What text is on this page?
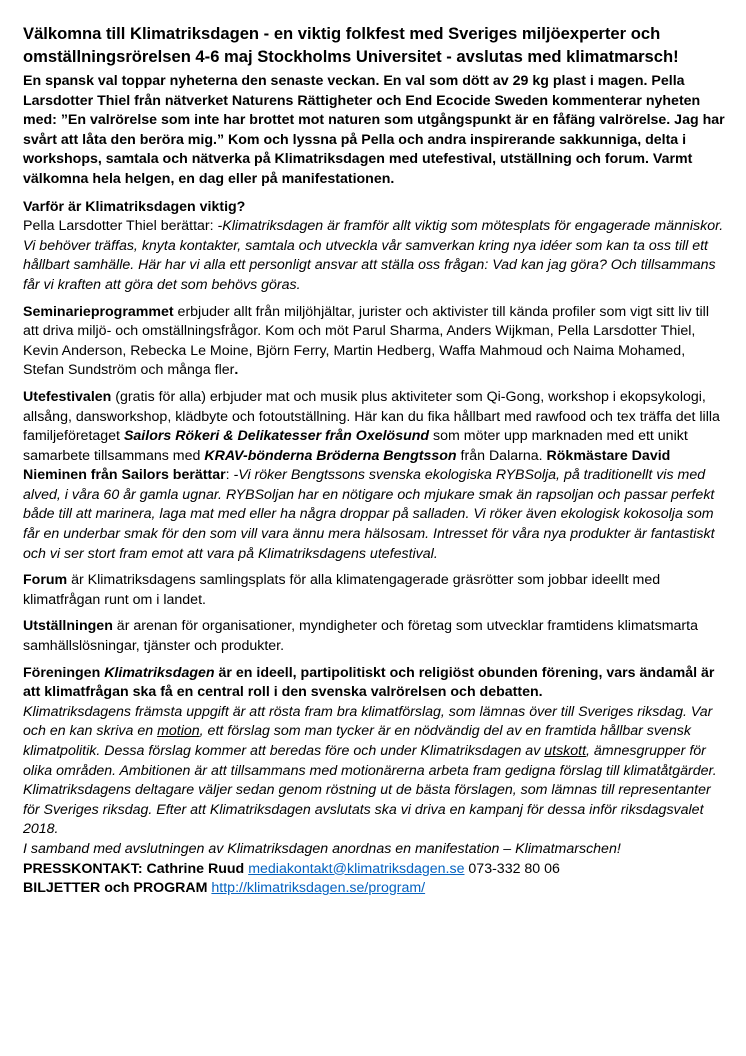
Välkomna till Klimatriksdagen - en viktig folkfest med Sveriges miljöexperter och omställningsrörelsen 4-6 maj Stockholms Universitet - avslutas med klimatmarsch!
En spansk val toppar nyheterna den senaste veckan. En val som dött av 29 kg plast i magen. Pella Larsdotter Thiel från nätverket Naturens Rättigheter och End Ecocide Sweden kommenterar nyheten med: ”En valrörelse som inte har brottet mot naturen som utgångspunkt är en fåfäng valrörelse. Jag har svårt att låta den beröra mig.” Kom och lyssna på Pella och andra inspirerande sakkunniga, delta i workshops, samtala och nätverka på Klimatriksdagen med utefestival, utställning och forum. Varmt välkomna hela helgen, en dag eller på manifestationen.

Varför är Klimatriksdagen viktig?
Pella Larsdotter Thiel berättar: -Klimatriksdagen är framför allt viktig som mötesplats för engagerade människor. Vi behöver träffas, knyta kontakter, samtala och utveckla vår samverkan kring nya idéer som kan ta oss till ett hållbart samhälle. Här har vi alla ett personligt ansvar att ställa oss frågan: Vad kan jag göra? Och tillsammans får vi kraften att göra det som behövs göras.

Seminarieprogrammet erbjuder allt från miljöhjältar, jurister och aktivister till kända profiler som vigt sitt liv till att driva miljö- och omställningsfrågor. Kom och möt Parul Sharma, Anders Wijkman, Pella Larsdotter Thiel, Kevin Anderson, Rebecka Le Moine, Björn Ferry, Martin Hedberg, Waffa Mahmoud och Naima Mohamed, Stefan Sundström och många fler.

Utefestivalen (gratis för alla) erbjuder mat och musik plus aktiviteter som Qi-Gong, workshop i ekopsykologi, allsång, dansworkshop, klädbyte och fotoutställning. Här kan du fika hållbart med rawfood och tex träffa det lilla familjeföretaget Sailors Rökeri & Delikatesser från Oxelösund som möter upp marknaden med ett unikt samarbete tillsammans med KRAV-bönderna Bröderna Bengtsson från Dalarna. Rökmästare David Nieminen från Sailors berättar: -Vi röker Bengtssons svenska ekologiska RYBSolja, på traditionellt vis med alved, i våra 60 år gamla ugnar. RYBSoljan har en nötigare och mjukare smak än rapsoljan och passar perfekt både till att marinera, laga mat med eller ha några droppar på salladen. Vi röker även ekologisk kokosolja som får en underbar smak för den som vill vara ännu mera hälsosam. Intresset för våra nya produkter är fantastiskt och vi ser stort fram emot att vara på Klimatriksdagens utefestival.

Forum är Klimatriksdagens samlingsplats för alla klimatengagerade gräsrötter som jobbar ideellt med klimatfrågan runt om i landet.

Utställningen är arenan för organisationer, myndigheter och företag som utvecklar framtidens klimatsmarta samhällslösningar, tjänster och produkter.

Föreningen Klimatriksdagen är en ideell, partipolitiskt och religiöst obunden förening, vars ändamål är att klimatfrågan ska få en central roll i den svenska valrörelsen och debatten.
Klimatriksdagens främsta uppgift är att rösta fram bra klimatförslag, som lämnas över till Sveriges riksdag. Var och en kan skriva en motion, ett förslag som man tycker är en nödvändig del av en framtida hållbar svensk klimatpolitik. Dessa förslag kommer att beredas före och under Klimatriksdagen av utskott, ämnesgrupper för olika områden. Ambitionen är att tillsammans med motionärerna arbeta fram gedigna förslag till klimatåtgärder. Klimatriksdagens deltagare väljer sedan genom röstning ut de bästa förslagen, som lämnas till representanter för Sveriges riksdag. Efter att Klimatriksdagen avslutats ska vi driva en kampanj för dessa inför riksdagsvalet 2018.
I samband med avslutningen av Klimatriksdagen anordnas en manifestation – Klimatmarschen!
PRESSKONTAKT: Cathrine Ruud mediakontakt@klimatriksdagen.se 073-332 80 06
BILJETTER och PROGRAM http://klimatriksdagen.se/program/
